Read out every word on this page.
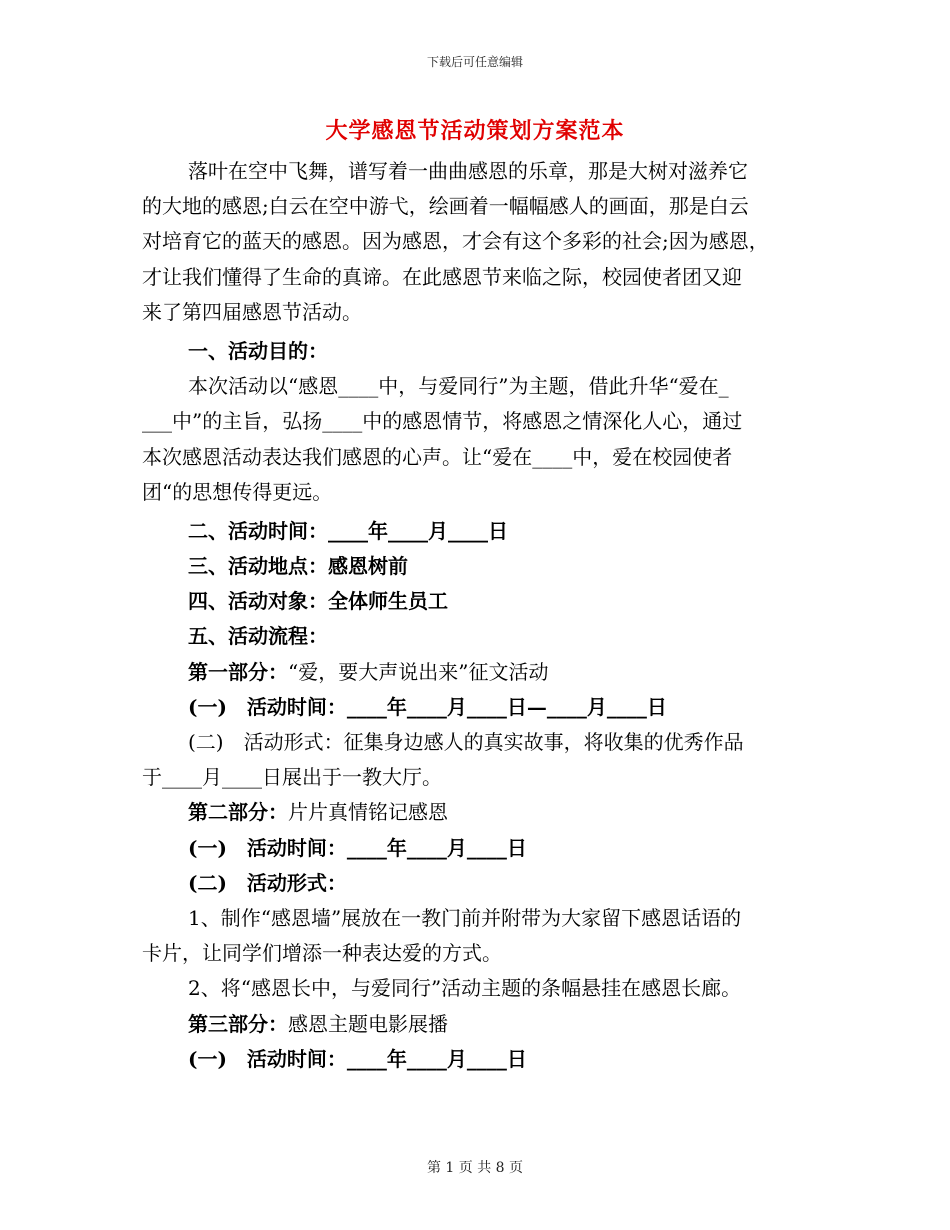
下载后可任意编辑
大学感恩节活动策划方案范本
落叶在空中飞舞，谱写着一曲曲感恩的乐章，那是大树对滋养它
的大地的感恩;白云在空中游弋，绘画着一幅幅感人的画面，那是白云
对培育它的蓝天的感恩。因为感恩，才会有这个多彩的社会;因为感恩，
才让我们懂得了生命的真谛。在此感恩节来临之际，校园使者团又迎
来了第四届感恩节活动。
一、活动目的：
本次活动以“感恩____中，与爱同行”为主题，借此升华“爱在_
___中”的主旨，弘扬____中的感恩情节，将感恩之情深化人心，通过
本次感恩活动表达我们感恩的心声。让“爱在____中，爱在校园使者
团“的思想传得更远。
二、活动时间：____年____月____日
三、活动地点：感恩树前
四、活动对象：全体师生员工
五、活动流程：
第一部分：“爱，要大声说出来”征文活动
(一)　活动时间：____年____月____日—____月____日
(二)　活动形式：征集身边感人的真实故事，将收集的优秀作品
于____月____日展出于一教大厅。
第二部分：片片真情铭记感恩
(一)　活动时间：____年____月____日
(二)　活动形式：
1、制作“感恩墙”展放在一教门前并附带为大家留下感恩话语的
卡片，让同学们增添一种表达爱的方式。
2、将“感恩长中，与爱同行”活动主题的条幅悬挂在感恩长廊。
第三部分：感恩主题电影展播
(一)　活动时间：____年____月____日
第 1 页 共 8 页
